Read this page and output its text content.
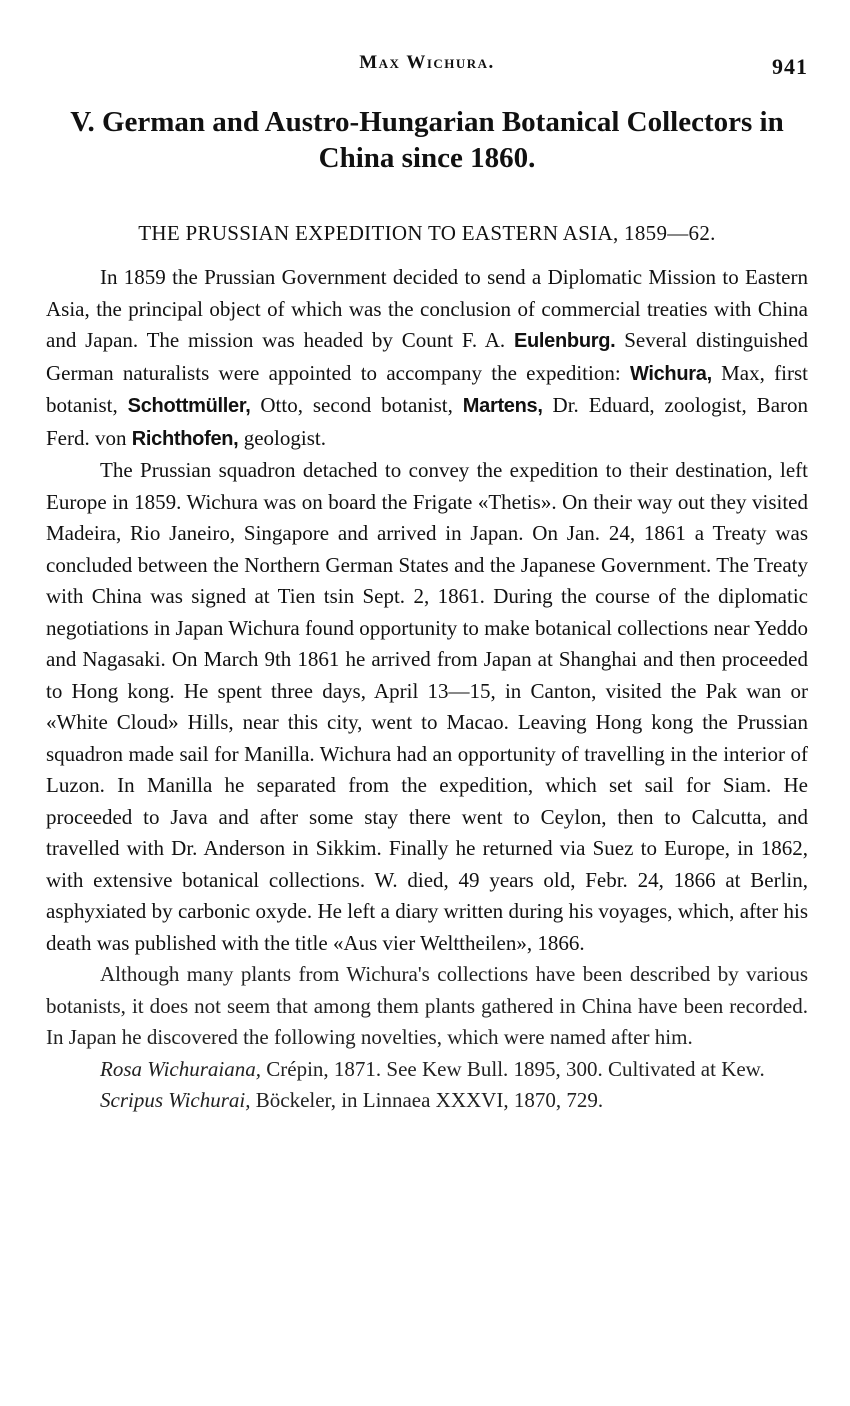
Max Wichura.	941
V. German and Austro-Hungarian Botanical Collectors in China since 1860.
THE PRUSSIAN EXPEDITION TO EASTERN ASIA, 1859—62.

In 1859 the Prussian Government decided to send a Diplomatic Mission to Eastern Asia, the principal object of which was the conclusion of commercial treaties with China and Japan. The mission was headed by Count F. A. Eulenburg. Several distinguished German naturalists were appointed to accompany the expedition: Wichura, Max, first botanist, Schottmüller, Otto, second botanist, Martens, Dr. Eduard, zoologist, Baron Ferd. von Richthofen, geologist.

The Prussian squadron detached to convey the expedition to their destination, left Europe in 1859. Wichura was on board the Frigate «Thetis». On their way out they visited Madeira, Rio Janeiro, Singapore and arrived in Japan. On Jan. 24, 1861 a Treaty was concluded between the Northern German States and the Japanese Government. The Treaty with China was signed at Tien tsin Sept. 2, 1861. During the course of the diplomatic negotiations in Japan Wichura found opportunity to make botanical collections near Yeddo and Nagasaki. On March 9th 1861 he arrived from Japan at Shanghai and then proceeded to Hong kong. He spent three days, April 13—15, in Canton, visited the Pak wan or «White Cloud» Hills, near this city, went to Macao. Leaving Hong kong the Prussian squadron made sail for Manilla. Wichura had an opportunity of travelling in the interior of Luzon. In Manilla he separated from the expedition, which set sail for Siam. He proceeded to Java and after some stay there went to Ceylon, then to Calcutta, and travelled with Dr. Anderson in Sikkim. Finally he returned via Suez to Europe, in 1862, with extensive botanical collections. W. died, 49 years old, Febr. 24, 1866 at Berlin, asphyxiated by carbonic oxyde. He left a diary written during his voyages, which, after his death was published with the title «Aus vier Welttheilen», 1866.

Although many plants from Wichura's collections have been described by various botanists, it does not seem that among them plants gathered in China have been recorded. In Japan he discovered the following novelties, which were named after him.

Rosa Wichuraiana, Crépin, 1871. See Kew Bull. 1895, 300. Cultivated at Kew.

Scripus Wichurai, Böckeler, in Linnaea XXXVI, 1870, 729.
